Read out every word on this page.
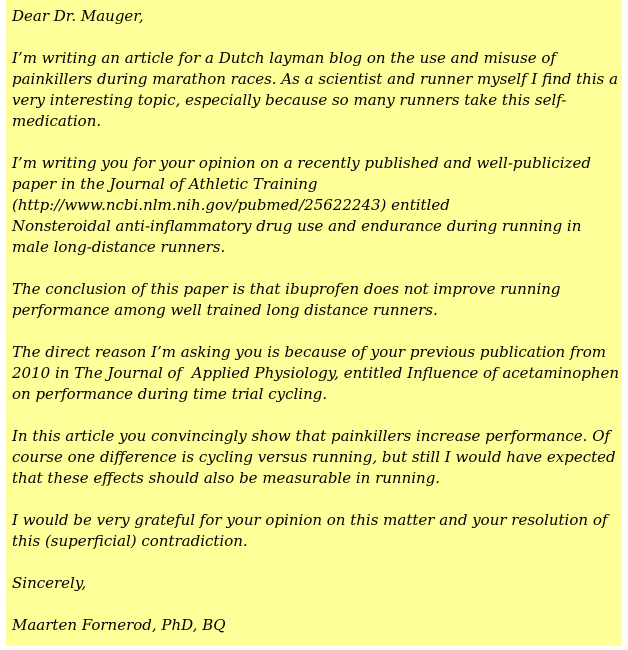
Dear Dr. Mauger,
I’m writing an article for a Dutch layman blog on the use and misuse of
painkillers during marathon races. As a scientist and runner myself I find this a
very interesting topic, especially because so many runners take this self-
medication.
I’m writing you for your opinion on a recently published and well-publicized
paper in the Journal of Athletic Training
(http://www.ncbi.nlm.nih.gov/pubmed/25622243) entitled
Nonsteroidal anti-inflammatory drug use and endurance during running in
male long-distance runners.
The conclusion of this paper is that ibuprofen does not improve running
performance among well trained long distance runners.
The direct reason I’m asking you is because of your previous publication from
2010 in The Journal of  Applied Physiology, entitled Influence of acetaminophen
on performance during time trial cycling.
In this article you convincingly show that painkillers increase performance. Of
course one difference is cycling versus running, but still I would have expected
that these effects should also be measurable in running.
I would be very grateful for your opinion on this matter and your resolution of
this (superficial) contradiction.
Sincerely,
Maarten Fornerod, PhD, BQ
